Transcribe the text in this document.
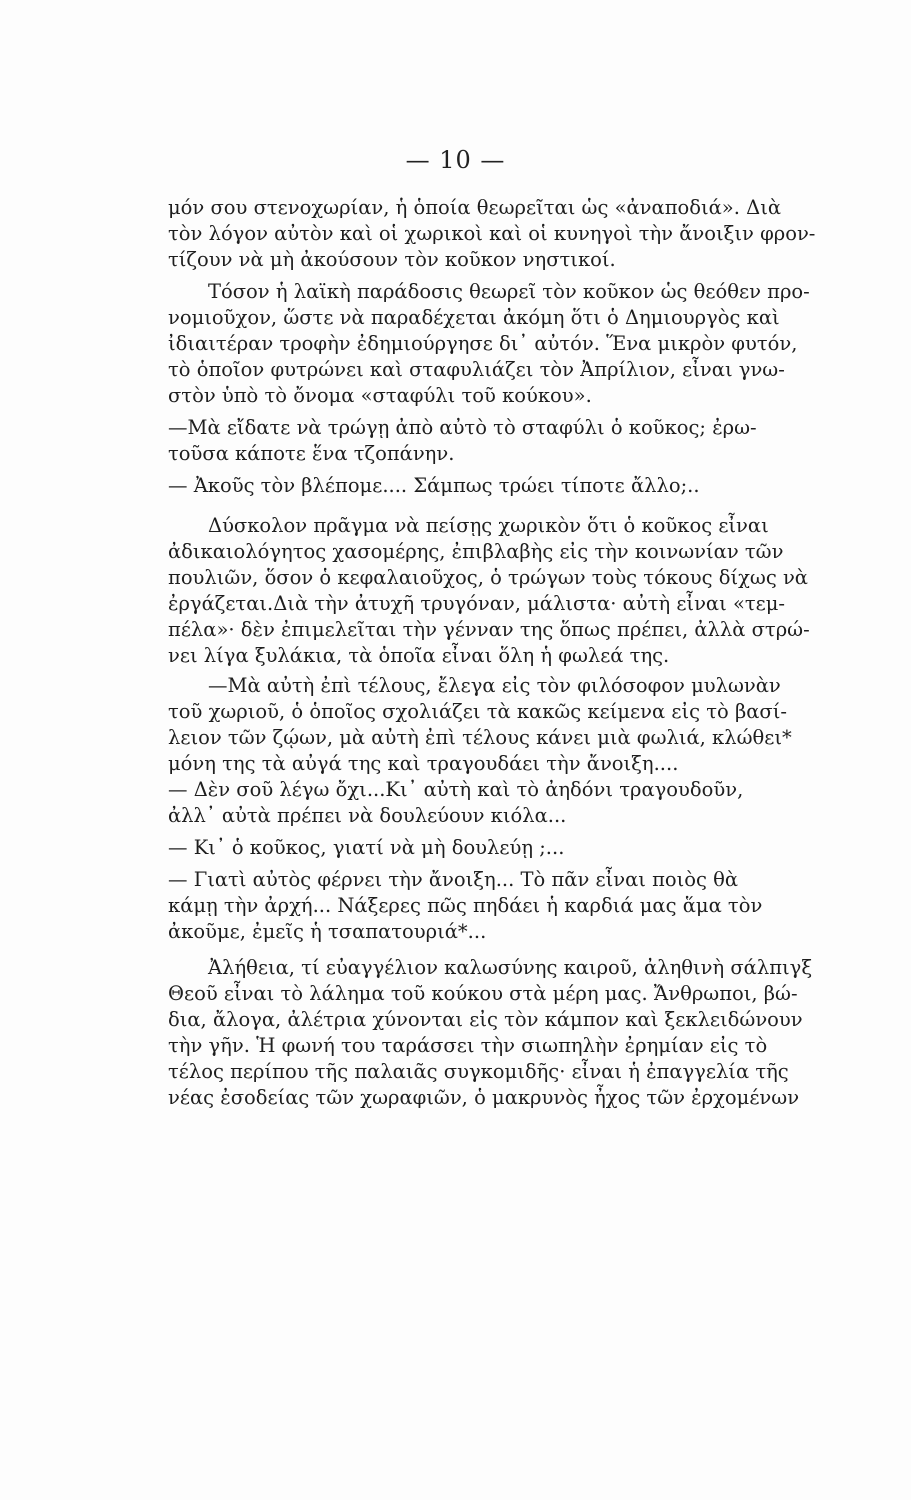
— 10 —
μόν σου στενοχωρίαν, ἡ ὁποία θεωρεῖται ὡς «ἀναποδιά». Διὰ
τὸν λόγον αὐτὸν καὶ οἱ χωρικοὶ καὶ οἱ κυνηγοὶ τὴν ἄνοιξιν φρον-
τίζουν νὰ μὴ ἀκούσουν τὸν κοῦκον νηστικοί.
Τόσον ἡ λαϊκὴ παράδοσις θεωρεῖ τὸν κοῦκον ὡς θεόθεν προ-
νομιοῦχον, ὥστε νὰ παραδέχεται ἀκόμη ὅτι ὁ Δημιουργὸς καὶ
ἰδιαιτέραν τροφὴν ἐδημιούργησε δι᾽ αὐτόν. Ἕνα μικρὸν φυτόν,
τὸ ὁποῖον φυτρώνει καὶ σταφυλιάζει τὸν Ἀπρίλιον, εἶναι γνω-
στὸν ὑπὸ τὸ ὄνομα «σταφύλι τοῦ κούκου».
—Μὰ εἴδατε νὰ τρώγῃ ἀπὸ αὐτὸ τὸ σταφύλι ὁ κοῦκος; ἐρω-
τοῦσα κάποτε ἕνα τζοπάνην.
— Ἀκοῦς τὸν βλέπομε.... Σάμπως τρώει τίποτε ἄλλο;..
Δύσκολον πρᾶγμα νὰ πείσῃς χωρικὸν ὅτι ὁ κοῦκος εἶναι
ἀδικαιολόγητος χασομέρης, ἐπιβλαβὴς εἰς τὴν κοινωνίαν τῶν
πουλιῶν, ὅσον ὁ κεφαλαιοῦχος, ὁ τρώγων τοὺς τόκους δίχως νὰ
ἐργάζεται.Διὰ τὴν ἀτυχῆ τρυγόναν, μάλιστα· αὐτὴ εἶναι «τεμ-
πέλα»· δὲν ἐπιμελεῖται τὴν γένναν της ὅπως πρέπει, ἀλλὰ στρώ-
νει λίγα ξυλάκια, τὰ ὁποῖα εἶναι ὅλη ἡ φωλεά της.
—Μὰ αὐτὴ ἐπὶ τέλους, ἔλεγα εἰς τὸν φιλόσοφον μυλωνὰν
τοῦ χωριοῦ, ὁ ὁποῖος σχολιάζει τὰ κακῶς κείμενα εἰς τὸ βασί-
λειον τῶν ζῴων, μὰ αὐτὴ ἐπὶ τέλους κάνει μιὰ φωλιά, κλώθει*
μόνη της τὰ αὐγά της καὶ τραγουδάει τὴν ἄνοιξη....
— Δὲν σοῦ λέγω ὄχι...Κι᾽ αὐτὴ καὶ τὸ ἀηδόνι τραγουδοῦν,
ἀλλ᾽ αὐτὰ πρέπει νὰ δουλεύουν κιόλα...
— Κι᾽ ὁ κοῦκος, γιατί νὰ μὴ δουλεύῃ ;...
— Γιατὶ αὐτὸς φέρνει τὴν ἄνοιξη... Τὸ πᾶν εἶναι ποιὸς θὰ
κάμῃ τὴν ἀρχή... Νάξερες πῶς πηδάει ἡ καρδιά μας ἅμα τὸν
ἀκοῦμε, ἐμεῖς ἡ τσαπατουριά*...
Ἀλήθεια, τί εὐαγγέλιον καλωσύνης καιροῦ, ἀληθινὴ σάλπιγξ
Θεοῦ εἶναι τὸ λάλημα τοῦ κούκου στὰ μέρη μας. Ἄνθρωποι, βώ-
δια, ἄλογα, ἀλέτρια χύνονται εἰς τὸν κάμπον καὶ ξεκλειδώνουν
τὴν γῆν. Ἡ φωνή του ταράσσει τὴν σιωπηλὴν ἐρημίαν εἰς τὸ
τέλος περίπου τῆς παλαιᾶς συγκομιδῆς· εἶναι ἡ ἐπαγγελία τῆς
νέας ἐσοδείας τῶν χωραφιῶν, ὁ μακρυνὸς ἦχος τῶν ἐρχομένων
